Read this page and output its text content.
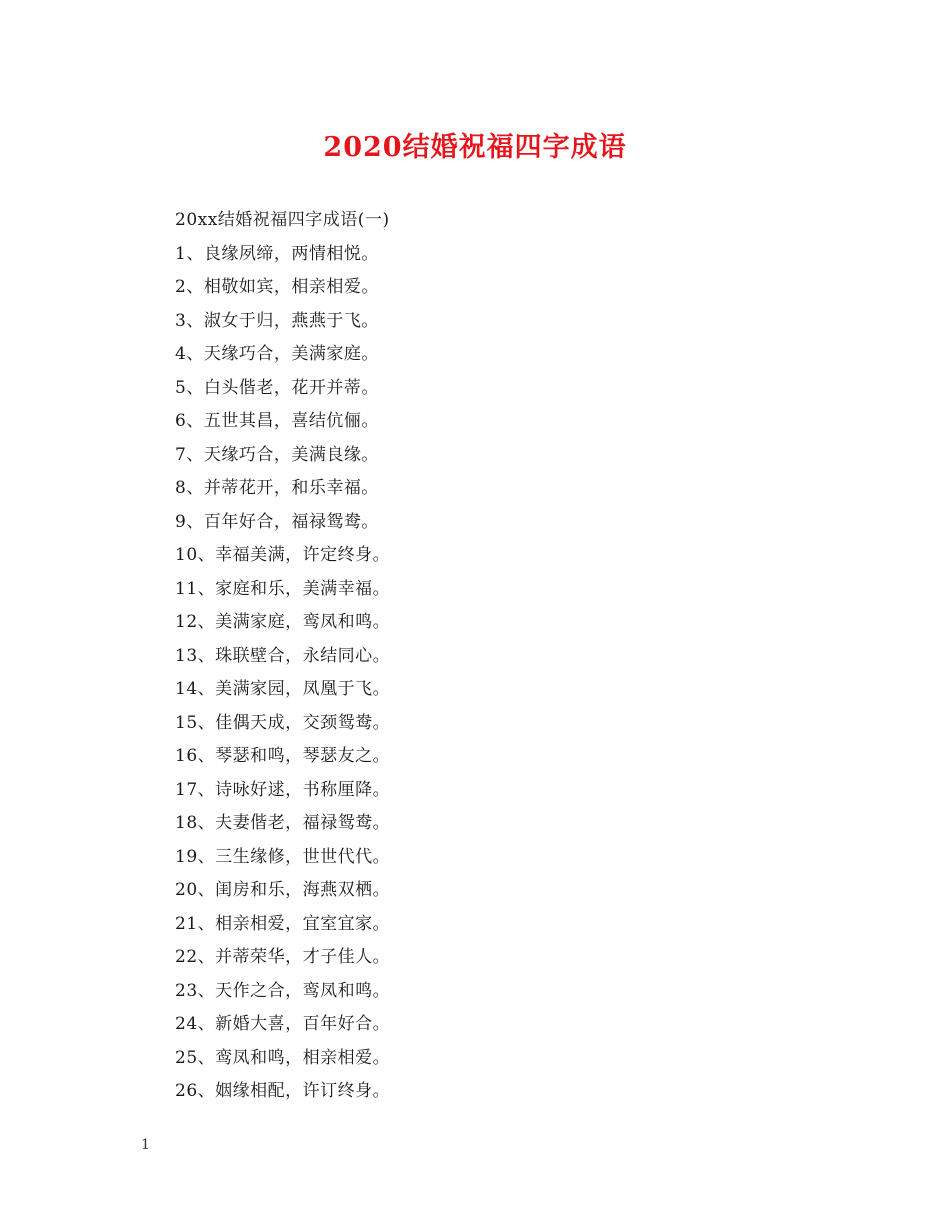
2020结婚祝福四字成语
20xx结婚祝福四字成语(一)
1、良缘夙缔，两情相悦。
2、相敬如宾，相亲相爱。
3、淑女于归，燕燕于飞。
4、天缘巧合，美满家庭。
5、白头偕老，花开并蒂。
6、五世其昌，喜结伉俪。
7、天缘巧合，美满良缘。
8、并蒂花开，和乐幸福。
9、百年好合，福禄鸳鸯。
10、幸福美满，许定终身。
11、家庭和乐，美满幸福。
12、美满家庭，鸾凤和鸣。
13、珠联壁合，永结同心。
14、美满家园，凤凰于飞。
15、佳偶天成，交颈鸳鸯。
16、琴瑟和鸣，琴瑟友之。
17、诗咏好逑，书称厘降。
18、夫妻偕老，福禄鸳鸯。
19、三生缘修，世世代代。
20、闺房和乐，海燕双栖。
21、相亲相爱，宜室宜家。
22、并蒂荣华，才子佳人。
23、天作之合，鸾凤和鸣。
24、新婚大喜，百年好合。
25、鸾凤和鸣，相亲相爱。
26、姻缘相配，许订终身。
1
